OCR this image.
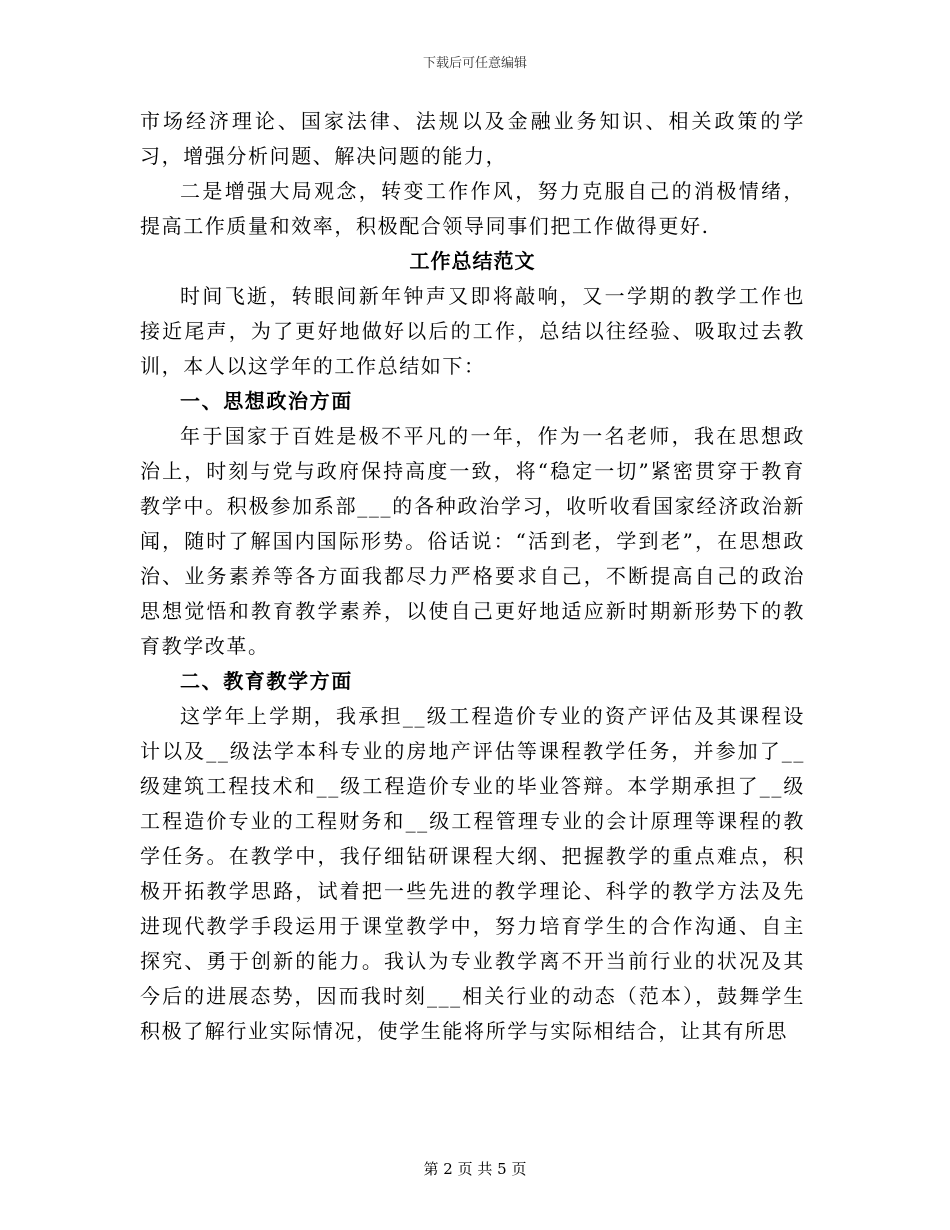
下载后可任意编辑

市场经济理论、国家法律、法规以及金融业务知识、相关政策的学习，增强分析问题、解决问题的能力，

二是增强大局观念，转变工作作风，努力克服自己的消极情绪，提高工作质量和效率，积极配合领导同事们把工作做得更好.

工作总结范文

时间飞逝，转眼间新年钟声又即将敲响，又一学期的教学工作也接近尾声，为了更好地做好以后的工作，总结以往经验、吸取过去教训，本人以这学年的工作总结如下：

一、思想政治方面

年于国家于百姓是极不平凡的一年，作为一名老师，我在思想政治上，时刻与党与政府保持高度一致，将“稳定一切”紧密贯穿于教育教学中。积极参加系部___的各种政治学习，收听收看国家经济政治新闻，随时了解国内国际形势。俗话说：“活到老，学到老”，在思想政治、业务素养等各方面我都尽力严格要求自己，不断提高自己的政治思想觉悟和教育教学素养，以使自己更好地适应新时期新形势下的教育教学改革。

二、教育教学方面

这学年上学期，我承担__级工程造价专业的资产评估及其课程设计以及__级法学本科专业的房地产评估等课程教学任务，并参加了__级建筑工程技术和__级工程造价专业的毕业答辩。本学期承担了__级工程造价专业的工程财务和__级工程管理专业的会计原理等课程的教学任务。在教学中，我仔细钻研课程大纲、把握教学的重点难点，积极开拓教学思路，试着把一些先进的教学理论、科学的教学方法及先进现代教学手段运用于课堂教学中，努力培育学生的合作沟通、自主探究、勇于创新的能力。我认为专业教学离不开当前行业的状况及其今后的进展态势，因而我时刻___相关行业的动态（范本），鼓舞学生积极了解行业实际情况，使学生能将所学与实际相结合，让其有所思

第 2 页 共 5 页
